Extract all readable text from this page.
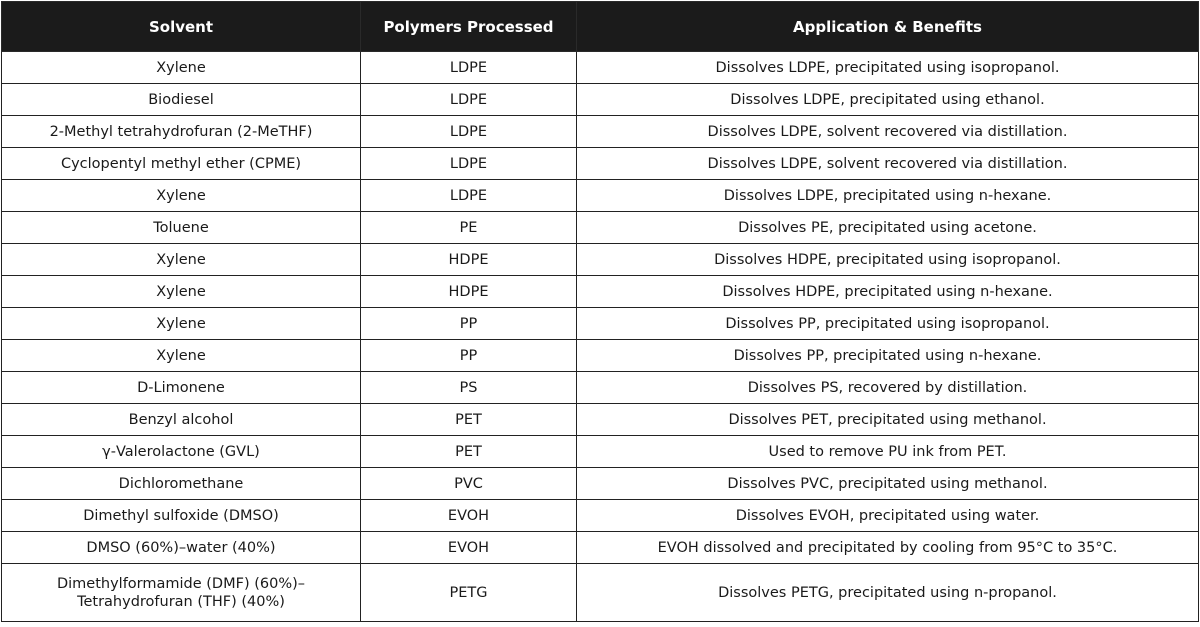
Solvent	Polymers Processed	Application & Benefits
Xylene	LDPE	Dissolves LDPE, precipitated using isopropanol.
Biodiesel	LDPE	Dissolves LDPE, precipitated using ethanol.
2-Methyl tetrahydrofuran (2-MeTHF)	LDPE	Dissolves LDPE, solvent recovered via distillation.
Cyclopentyl methyl ether (CPME)	LDPE	Dissolves LDPE, solvent recovered via distillation.
Xylene	LDPE	Dissolves LDPE, precipitated using n-hexane.
Toluene	PE	Dissolves PE, precipitated using acetone.
Xylene	HDPE	Dissolves HDPE, precipitated using isopropanol.
Xylene	HDPE	Dissolves HDPE, precipitated using n-hexane.
Xylene	PP	Dissolves PP, precipitated using isopropanol.
Xylene	PP	Dissolves PP, precipitated using n-hexane.
D-Limonene	PS	Dissolves PS, recovered by distillation.
Benzyl alcohol	PET	Dissolves PET, precipitated using methanol.
γ-Valerolactone (GVL)	PET	Used to remove PU ink from PET.
Dichloromethane	PVC	Dissolves PVC, precipitated using methanol.
Dimethyl sulfoxide (DMSO)	EVOH	Dissolves EVOH, precipitated using water.
DMSO (60%)–water (40%)	EVOH	EVOH dissolved and precipitated by cooling from 95°C to 35°C.
Dimethylformamide (DMF) (60%)–
Tetrahydrofuran (THF) (40%)	PETG	Dissolves PETG, precipitated using n-propanol.
